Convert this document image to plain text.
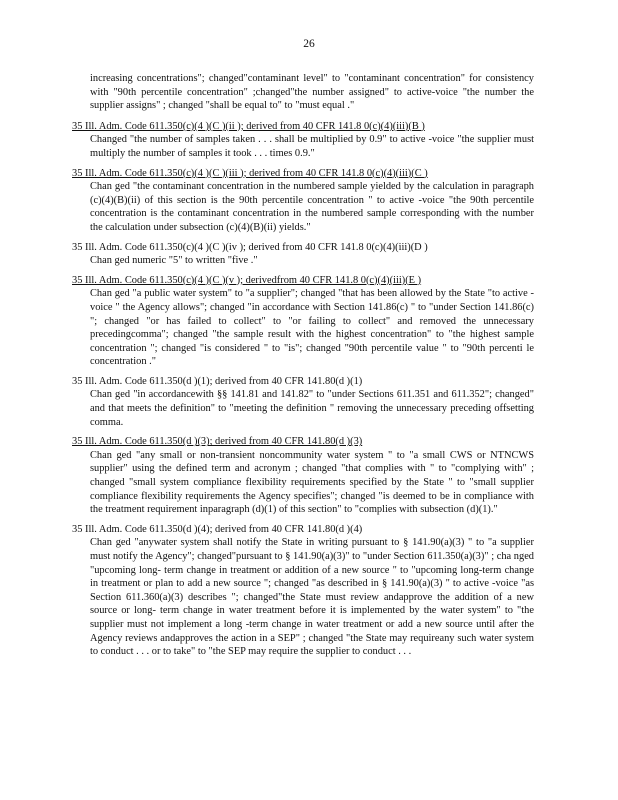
26

increasing concentrations"; changed"contaminant level" to "contaminant concentration" for consistency with "90th percentile concentration" ;changed"the number assigned" to active-voice "the number the supplier assigns" ; changed "shall be equal to" to "must equal ."

35 Ill. Adm. Code 611.350(c)(4 )(C )(ii ); derived from 40 CFR 141.8 0(c)(4)(iii)(B )
Changed "the number of samples taken . . . shall be multiplied by 0.9" to active -voice "the supplier must multiply the number of samples it took . . . times 0.9."
35 Ill. Adm. Code 611.350(c)(4 )(C )(iii ); derived from 40 CFR 141.8 0(c)(4)(iii)(C )
Chan ged "the contaminant concentration in the numbered sample yielded by the calculation in paragraph (c)(4)(B)(ii) of this section is the 90th percentile concentration " to active -voice "the 90th percentile concentration is the contaminant concentration in the numbered sample corresponding with the number the calculation under subsection (c)(4)(B)(ii) yields."
35 Ill. Adm. Code 611.350(c)(4 )(C )(iv ); derived from 40 CFR 141.8 0(c)(4)(iii)(D )
Chan ged numeric "5" to written "five ."
35 Ill. Adm. Code 611.350(c)(4 )(C )(v ); derivedfrom 40 CFR 141.8 0(c)(4)(iii)(E )
Chan ged "a public water system" to "a supplier"; changed "that has been allowed by the State "to active -voice " the Agency allows"; changed "in accordance with Section 141.86(c) " to "under Section 141.86(c) "; changed "or has failed to collect" to "or failing to collect" and removed the unnecessary precedingcomma"; changed "the sample result with the highest concentration" to "the highest sample concentration "; changed "is considered " to "is"; changed "90th percentile value " to "90th percenti le concentration ."
35 Ill. Adm. Code 611.350(d )(1); derived from 40 CFR 141.80(d )(1)
Chan ged "in accordancewith §§ 141.81 and 141.82" to "under Sections 611.351 and 611.352"; changed" and that meets the definition" to "meeting the definition " removing the unnecessary preceding offsetting comma.
35 Ill. Adm. Code 611.350(d )(3); derived from 40 CFR 141.80(d )(3)
Chan ged "any small or non-transient noncommunity water system " to "a small CWS or NTNCWS supplier" using the defined term and acronym ; changed "that complies with " to "complying with" ; changed "small system compliance flexibility requirements specified by the State " to "small supplier compliance flexibility requirements the Agency specifies"; changed "is deemed to be in compliance with the treatment requirement inparagraph (d)(1) of this section" to "complies with subsection (d)(1)."
35 Ill. Adm. Code 611.350(d )(4); derived from 40 CFR 141.80(d )(4)
Chan ged "anywater system shall notify the State in writing pursuant to § 141.90(a)(3) " to "a supplier must notify the Agency"; changed"pursuant to § 141.90(a)(3)" to "under Section 611.350(a)(3)" ; cha nged "upcoming long- term change in treatment or addition of a new source " to "upcoming long-term change in treatment or plan to add a new source "; changed "as described in § 141.90(a)(3) " to active -voice "as Section 611.360(a)(3) describes "; changed"the State must review andapprove the addition of a new source or long- term change in water treatment before it is implemented by the water system" to "the supplier must not implement a long -term change in water treatment or add a new source until after the Agency reviews andapproves the action in a SEP" ; changed "the State may requireany such water system to conduct . . . or to take" to "the SEP may require the supplier to conduct . . .
